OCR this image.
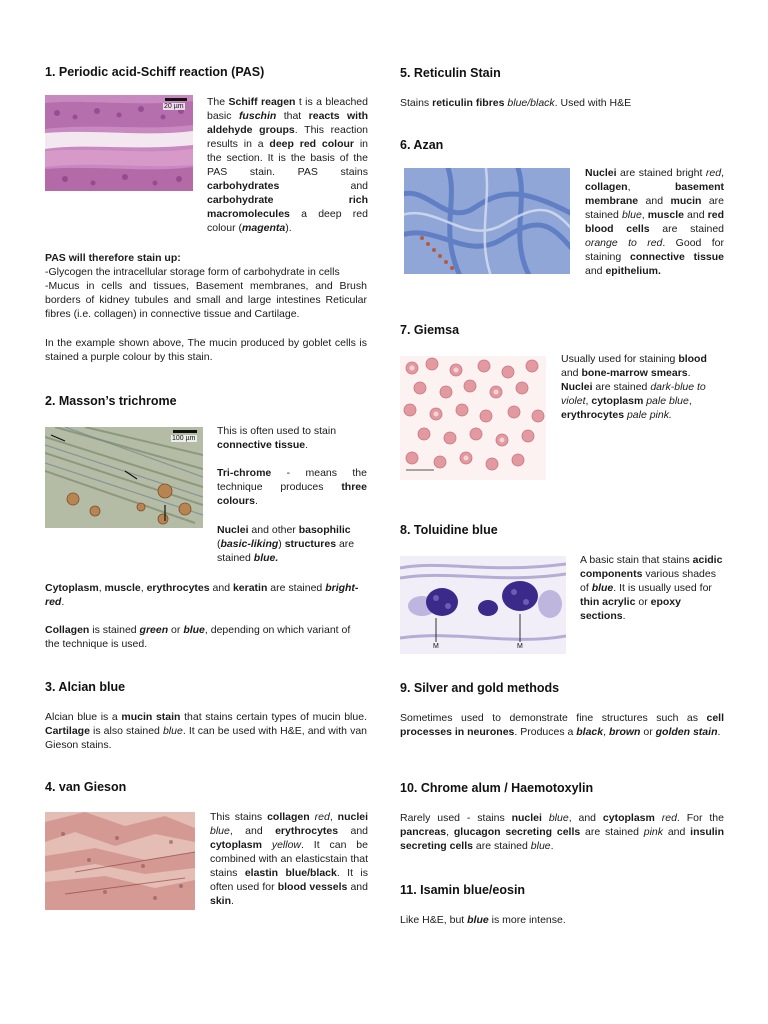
1. Periodic acid-Schiff reaction (PAS)
20 µm The Schiff reagen t is a bleached basic fuschin that reacts with aldehyde groups. This reaction results in a deep red colour in the section. It is the basis of the PAS stain. PAS stains carbohydrates and carbohydrate rich macromolecules a deep red colour (magenta).

PAS will therefore stain up:

-Glycogen the intracellular storage form of carbohydrate in cells

-Mucus in cells and tissues, Basement membranes, and Brush borders of kidney tubules and small and large intestines Reticular fibres (i.e. collagen) in connective tissue and Cartilage.

In the example shown above, The mucin produced by goblet cells is stained a purple colour by this stain.

2. Masson’s trichrome
100 µm

This is often used to stain connective tissue.

Tri-chrome - means the technique produces three colours.

Nuclei and other basophilic (basic-liking) structures are stained blue.

Cytoplasm, muscle, erythrocytes and keratin are stained bright-red.

Collagen is stained green or blue, depending on which variant of the technique is used.

3. Alcian blue

Alcian blue is a mucin stain that stains certain types of mucin blue. Cartilage is also stained blue. It can be used with H&E, and with van Gieson stains.

4. van Gieson

This stains collagen red, nuclei blue, and erythrocytes and cytoplasm yellow. It can be combined with an elasticstain that stains elastin blue/black. It is often used for blood vessels and skin.

5. Reticulin Stain

Stains reticulin fibres blue/black. Used with H&E

6. Azan

Nuclei are stained bright red, collagen, basement membrane and mucin are stained blue, muscle and red blood cells are stained orange to red. Good for staining connective tissue and epithelium.

7. Giemsa

Usually used for staining blood and bone-marrow smears. Nuclei are stained dark-blue to violet, cytoplasm pale blue, erythrocytes pale pink.

8. Toluidine blue
M	M

A basic stain that stains acidic components various shades of blue. It is usually used for thin acrylic or epoxy sections.

9. Silver and gold methods

Sometimes used to demonstrate fine structures such as cell processes in neurones. Produces a black, brown or golden stain.

10. Chrome alum / Haemotoxylin

Rarely used - stains nuclei blue, and cytoplasm red. For the pancreas, glucagon secreting cells are stained pink and insulin secreting cells are stained blue.

11. Isamin blue/eosin

Like H&E, but blue is more intense.
